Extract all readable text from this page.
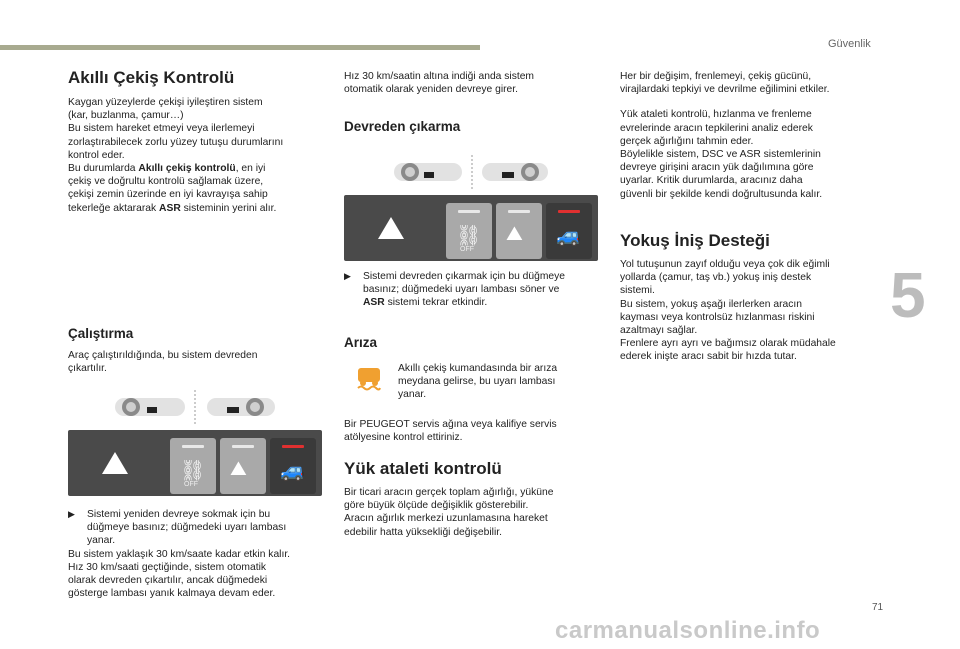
Güvenlik
5
71
Akıllı Çekiş Kontrolü

Kaygan yüzeylerde çekişi iyileştiren sistem
(kar, buzlanma, çamur…)
Bu sistem hareket etmeyi veya ilerlemeyi
zorlaştırabilecek zorlu yüzey tutuşu durumlarını
kontrol eder.

Bu durumlarda Akıllı çekiş kontrolü, en iyi
çekiş ve doğrultu kontrolü sağlamak üzere,
çekişi zemin üzerinde en iyi kavrayışa sahip
tekerleğe aktararak ASR sisteminin yerini alır.

Çalıştırma

Araç çalıştırıldığında, bu sistem devreden
çıkartılır.

⛓
OFF
⛰ 🚙

▶ Sistemi yeniden devreye sokmak için bu
düğmeye basınız; düğmedeki uyarı lambası
yanar.

Bu sistem yaklaşık 30 km/saate kadar etkin kalır.
Hız 30 km/saati geçtiğinde, sistem otomatik
olarak devreden çıkartılır, ancak düğmedeki
gösterge lambası yanık kalmaya devam eder.

Hız 30 km/saatin altına indiği anda sistem
otomatik olarak yeniden devreye girer.

Devreden çıkarma
⛓
OFF
⛰ 🚙

▶ Sistemi devreden çıkarmak için bu düğmeye
basınız; düğmedeki uyarı lambası söner ve
ASR sistemi tekrar etkindir.

Arıza

Akıllı çekiş kumandasında bir arıza
meydana gelirse, bu uyarı lambası
yanar.

Bir PEUGEOT servis ağına veya kalifiye servis
atölyesine kontrol ettiriniz.

Yük ataleti kontrolü

Bir ticari aracın gerçek toplam ağırlığı, yüküne
göre büyük ölçüde değişiklik gösterebilir.
Aracın ağırlık merkezi uzunlamasına hareket
edebilir hatta yüksekliği değişebilir.

Her bir değişim, frenlemeyi, çekiş gücünü,
virajlardaki tepkiyi ve devrilme eğilimini etkiler.

Yük ataleti kontrolü, hızlanma ve frenleme
evrelerinde aracın tepkilerini analiz ederek
gerçek ağırlığını tahmin eder.
Böylelikle sistem, DSC ve ASR sistemlerinin
devreye girişini aracın yük dağılımına göre
uyarlar. Kritik durumlarda, aracınız daha
güvenli bir şekilde kendi doğrultusunda kalır.

Yokuş İniş Desteği

Yol tutuşunun zayıf olduğu veya çok dik eğimli
yollarda (çamur, taş vb.) yokuş iniş destek
sistemi.
Bu sistem, yokuş aşağı ilerlerken aracın
kayması veya kontrolsüz hızlanması riskini
azaltmayı sağlar.
Frenlere ayrı ayrı ve bağımsız olarak müdahale
ederek inişte aracı sabit bir hızda tutar.

carmanualsonline.info
